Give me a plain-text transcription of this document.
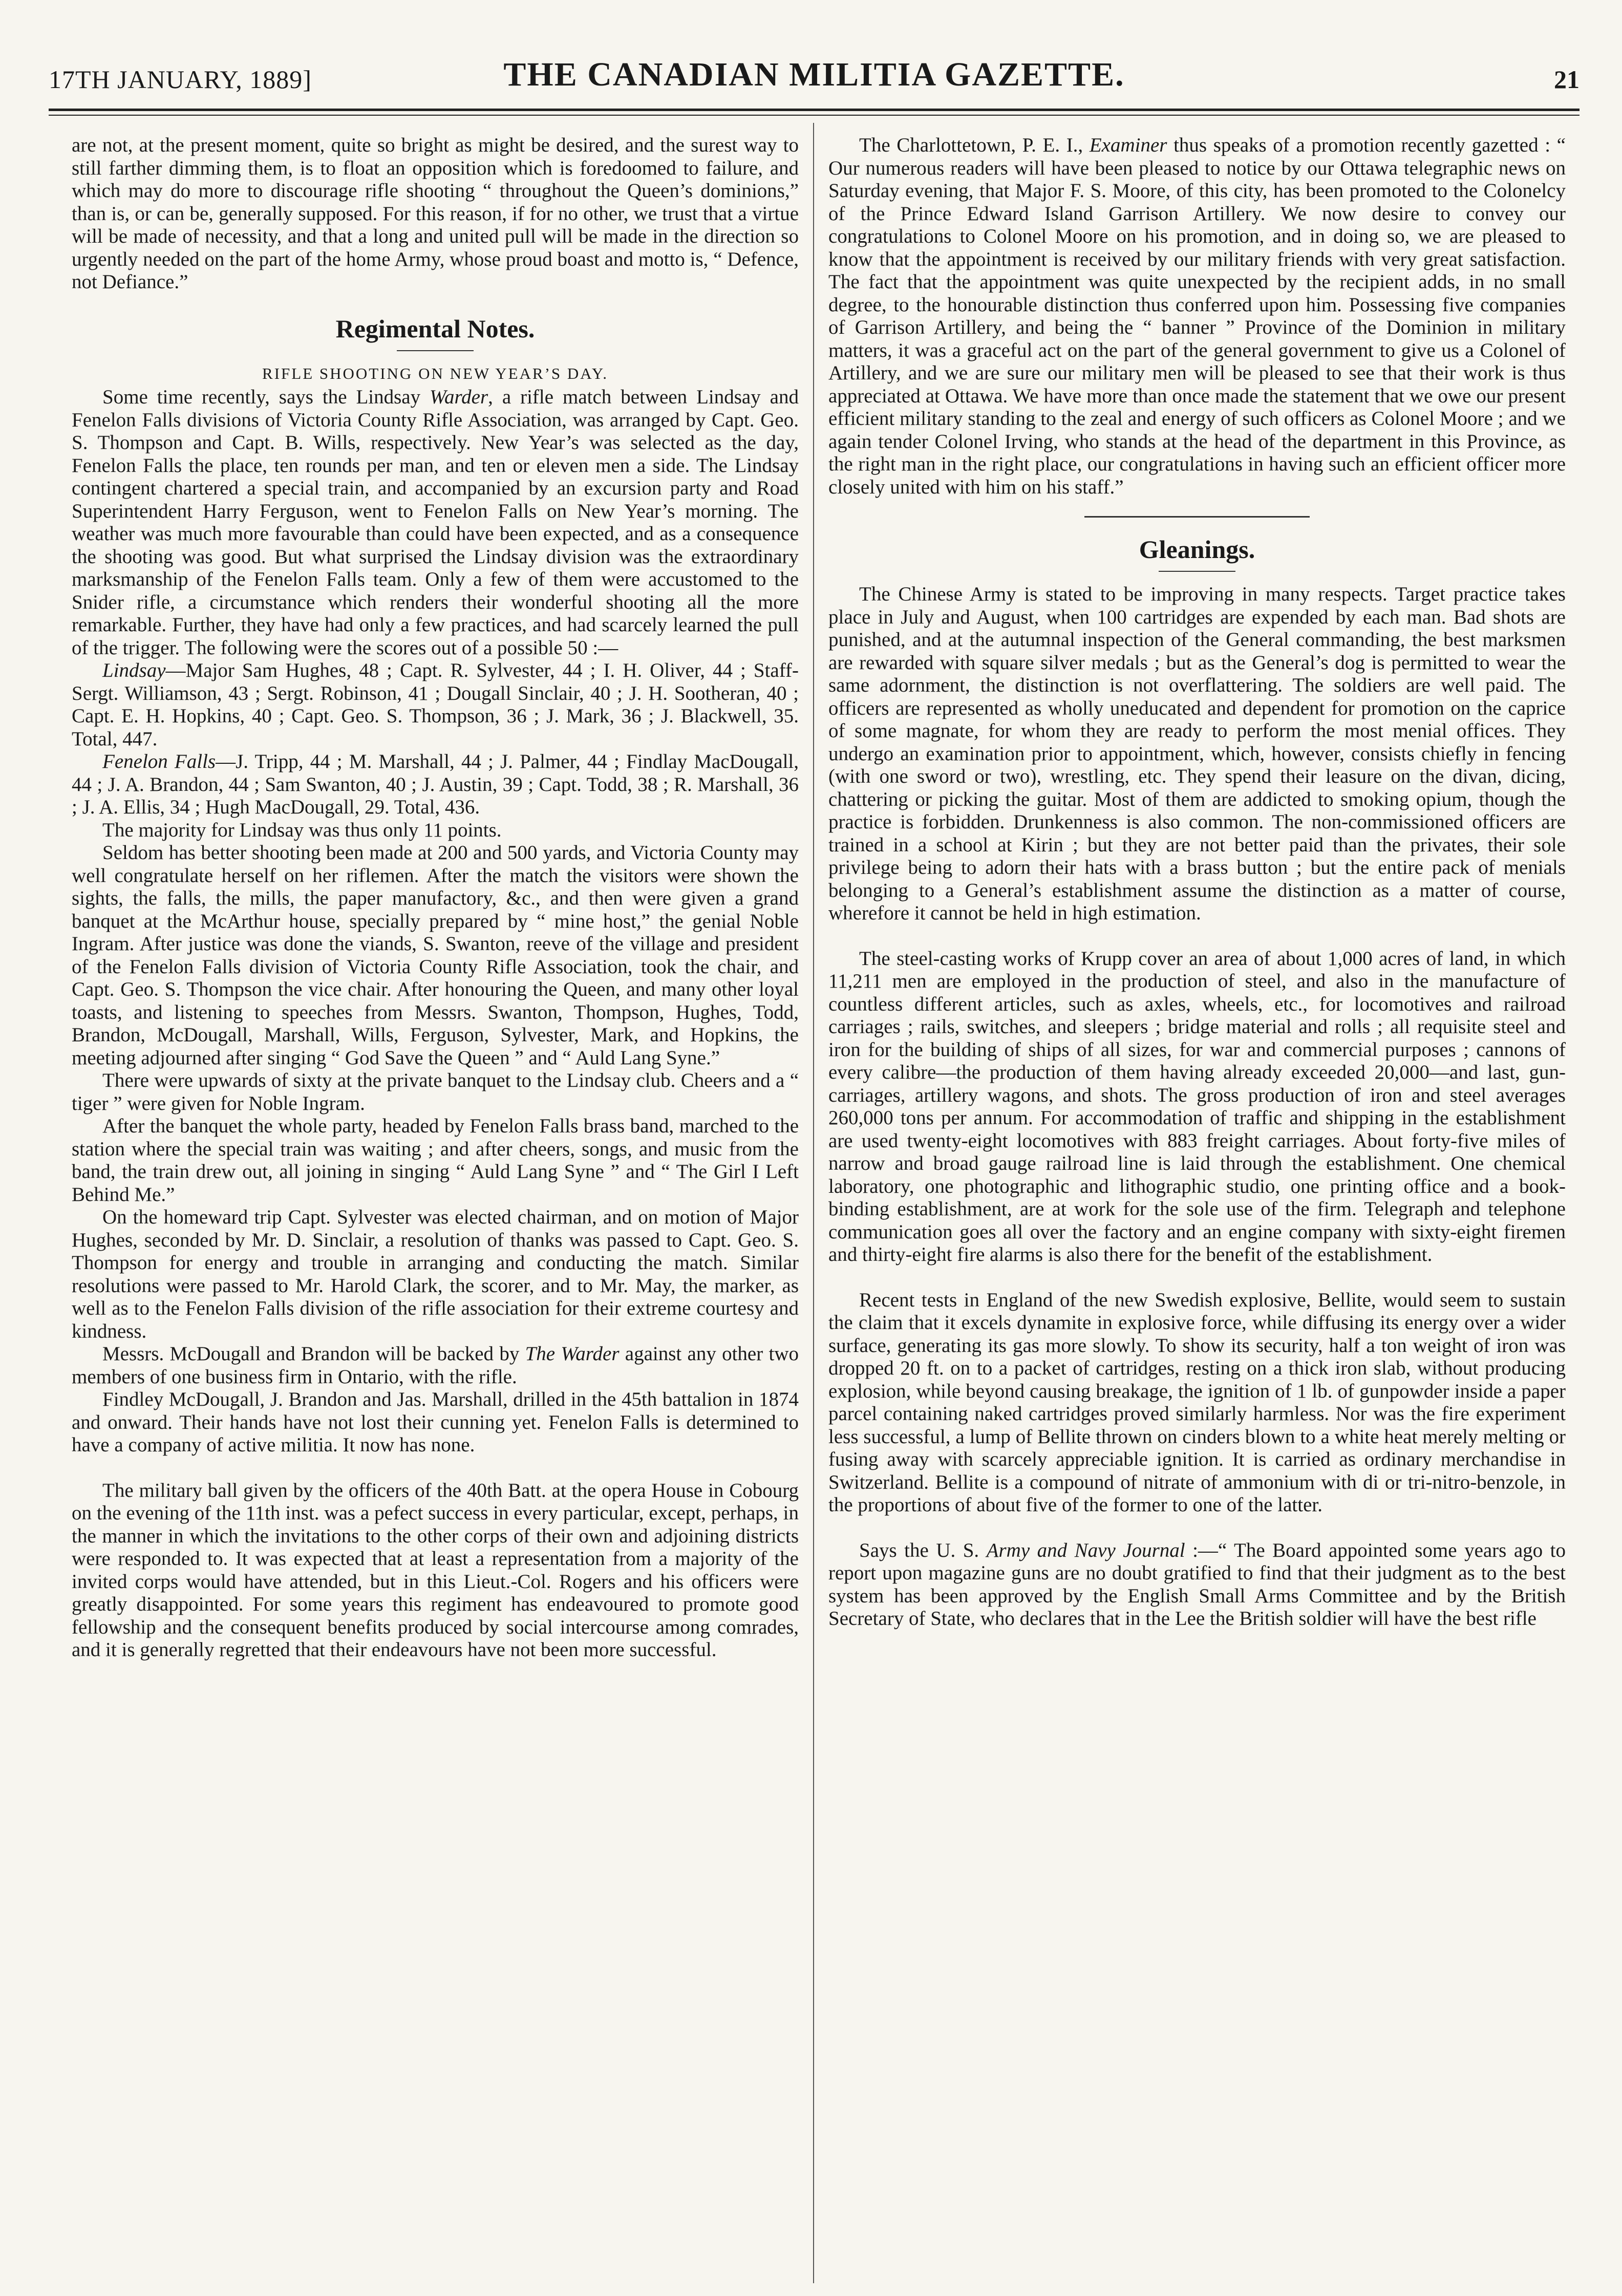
17TH JANUARY, 1889]	THE CANADIAN MILITIA GAZETTE.	21

are not, at the present moment, quite so bright as might be desired, and the surest way to still farther dimming them, is to float an opposition which is foredoomed to failure, and which may do more to discourage rifle shooting “ throughout the Queen’s dominions,” than is, or can be, generally supposed. For this reason, if for no other, we trust that a virtue will be made of necessity, and that a long and united pull will be made in the direction so urgently needed on the part of the home Army, whose proud boast and motto is, “ Defence, not Defiance.”

Regimental Notes.
RIFLE SHOOTING ON NEW YEAR’S DAY.

Some time recently, says the Lindsay Warder, a rifle match between Lindsay and Fenelon Falls divisions of Victoria County Rifle Association, was arranged by Capt. Geo. S. Thompson and Capt. B. Wills, respectively. New Year’s was selected as the day, Fenelon Falls the place, ten rounds per man, and ten or eleven men a side. The Lindsay contingent chartered a special train, and accompanied by an excursion party and Road Superintendent Harry Ferguson, went to Fenelon Falls on New Year’s morning. The weather was much more favourable than could have been expected, and as a consequence the shooting was good. But what surprised the Lindsay division was the extraordinary marksmanship of the Fenelon Falls team. Only a few of them were accustomed to the Snider rifle, a circumstance which renders their wonderful shooting all the more remarkable. Further, they have had only a few practices, and had scarcely learned the pull of the trigger. The following were the scores out of a possible 50 :—

Lindsay—Major Sam Hughes, 48 ; Capt. R. Sylvester, 44 ; I. H. Oliver, 44 ; Staff-Sergt. Williamson, 43 ; Sergt. Robinson, 41 ; Dougall Sinclair, 40 ; J. H. Sootheran, 40 ; Capt. E. H. Hopkins, 40 ; Capt. Geo. S. Thompson, 36 ; J. Mark, 36 ; J. Blackwell, 35. Total, 447.

Fenelon Falls—J. Tripp, 44 ; M. Marshall, 44 ; J. Palmer, 44 ; Findlay MacDougall, 44 ; J. A. Brandon, 44 ; Sam Swanton, 40 ; J. Austin, 39 ; Capt. Todd, 38 ; R. Marshall, 36 ; J. A. Ellis, 34 ; Hugh MacDougall, 29. Total, 436.

The majority for Lindsay was thus only 11 points.

Seldom has better shooting been made at 200 and 500 yards, and Victoria County may well congratulate herself on her riflemen. After the match the visitors were shown the sights, the falls, the mills, the paper manufactory, &c., and then were given a grand banquet at the McArthur house, specially prepared by “ mine host,” the genial Noble Ingram. After justice was done the viands, S. Swanton, reeve of the village and president of the Fenelon Falls division of Victoria County Rifle Association, took the chair, and Capt. Geo. S. Thompson the vice chair. After honouring the Queen, and many other loyal toasts, and listening to speeches from Messrs. Swanton, Thompson, Hughes, Todd, Brandon, McDougall, Marshall, Wills, Ferguson, Sylvester, Mark, and Hopkins, the meeting adjourned after singing “ God Save the Queen ” and “ Auld Lang Syne.”

There were upwards of sixty at the private banquet to the Lindsay club. Cheers and a “ tiger ” were given for Noble Ingram.

After the banquet the whole party, headed by Fenelon Falls brass band, marched to the station where the special train was waiting ; and after cheers, songs, and music from the band, the train drew out, all joining in singing “ Auld Lang Syne ” and “ The Girl I Left Behind Me.”

On the homeward trip Capt. Sylvester was elected chairman, and on motion of Major Hughes, seconded by Mr. D. Sinclair, a resolution of thanks was passed to Capt. Geo. S. Thompson for energy and trouble in arranging and conducting the match. Similar resolutions were passed to Mr. Harold Clark, the scorer, and to Mr. May, the marker, as well as to the Fenelon Falls division of the rifle association for their extreme courtesy and kindness.

Messrs. McDougall and Brandon will be backed by The Warder against any other two members of one business firm in Ontario, with the rifle.

Findley McDougall, J. Brandon and Jas. Marshall, drilled in the 45th battalion in 1874 and onward. Their hands have not lost their cunning yet. Fenelon Falls is determined to have a company of active militia. It now has none.

The military ball given by the officers of the 40th Batt. at the opera House in Cobourg on the evening of the 11th inst. was a pefect success in every particular, except, perhaps, in the manner in which the invitations to the other corps of their own and adjoining districts were responded to. It was expected that at least a representation from a majority of the invited corps would have attended, but in this Lieut.-Col. Rogers and his officers were greatly disappointed. For some years this regiment has endeavoured to promote good fellowship and the consequent benefits produced by social intercourse among comrades, and it is generally regretted that their endeavours have not been more successful.

The Charlottetown, P. E. I., Examiner thus speaks of a promotion recently gazetted : “ Our numerous readers will have been pleased to notice by our Ottawa telegraphic news on Saturday evening, that Major F. S. Moore, of this city, has been promoted to the Colonelcy of the Prince Edward Island Garrison Artillery. We now desire to convey our congratulations to Colonel Moore on his promotion, and in doing so, we are pleased to know that the appointment is received by our military friends with very great satisfaction. The fact that the appointment was quite unexpected by the recipient adds, in no small degree, to the honourable distinction thus conferred upon him. Possessing five companies of Garrison Artillery, and being the “ banner ” Province of the Dominion in military matters, it was a graceful act on the part of the general government to give us a Colonel of Artillery, and we are sure our military men will be pleased to see that their work is thus appreciated at Ottawa. We have more than once made the statement that we owe our present efficient military standing to the zeal and energy of such officers as Colonel Moore ; and we again tender Colonel Irving, who stands at the head of the department in this Province, as the right man in the right place, our congratulations in having such an efficient officer more closely united with him on his staff.”

Gleanings.

The Chinese Army is stated to be improving in many respects. Target practice takes place in July and August, when 100 cartridges are expended by each man. Bad shots are punished, and at the autumnal inspection of the General commanding, the best marksmen are rewarded with square silver medals ; but as the General’s dog is permitted to wear the same adornment, the distinction is not overflattering. The soldiers are well paid. The officers are represented as wholly uneducated and dependent for promotion on the caprice of some magnate, for whom they are ready to perform the most menial offices. They undergo an examination prior to appointment, which, however, consists chiefly in fencing (with one sword or two), wrestling, etc. They spend their leasure on the divan, dicing, chattering or picking the guitar. Most of them are addicted to smoking opium, though the practice is forbidden. Drunkenness is also common. The non-commissioned officers are trained in a school at Kirin ; but they are not better paid than the privates, their sole privilege being to adorn their hats with a brass button ; but the entire pack of menials belonging to a General’s establishment assume the distinction as a matter of course, wherefore it cannot be held in high estimation.

The steel-casting works of Krupp cover an area of about 1,000 acres of land, in which 11,211 men are employed in the production of steel, and also in the manufacture of countless different articles, such as axles, wheels, etc., for locomotives and railroad carriages ; rails, switches, and sleepers ; bridge material and rolls ; all requisite steel and iron for the building of ships of all sizes, for war and commercial purposes ; cannons of every calibre—the production of them having already exceeded 20,000—and last, gun-carriages, artillery wagons, and shots. The gross production of iron and steel averages 260,000 tons per annum. For accommodation of traffic and shipping in the establishment are used twenty-eight locomotives with 883 freight carriages. About forty-five miles of narrow and broad gauge railroad line is laid through the establishment. One chemical laboratory, one photographic and lithographic studio, one printing office and a book-binding establishment, are at work for the sole use of the firm. Telegraph and telephone communication goes all over the factory and an engine company with sixty-eight firemen and thirty-eight fire alarms is also there for the benefit of the establishment.

Recent tests in England of the new Swedish explosive, Bellite, would seem to sustain the claim that it excels dynamite in explosive force, while diffusing its energy over a wider surface, generating its gas more slowly. To show its security, half a ton weight of iron was dropped 20 ft. on to a packet of cartridges, resting on a thick iron slab, without producing explosion, while beyond causing breakage, the ignition of 1 lb. of gunpowder inside a paper parcel containing naked cartridges proved similarly harmless. Nor was the fire experiment less successful, a lump of Bellite thrown on cinders blown to a white heat merely melting or fusing away with scarcely appreciable ignition. It is carried as ordinary merchandise in Switzerland. Bellite is a compound of nitrate of ammonium with di or tri-nitro-benzole, in the proportions of about five of the former to one of the latter.

Says the U. S. Army and Navy Journal :—“ The Board appointed some years ago to report upon magazine guns are no doubt gratified to find that their judgment as to the best system has been approved by the English Small Arms Committee and by the British Secretary of State, who declares that in the Lee the British soldier will have the best rifle
